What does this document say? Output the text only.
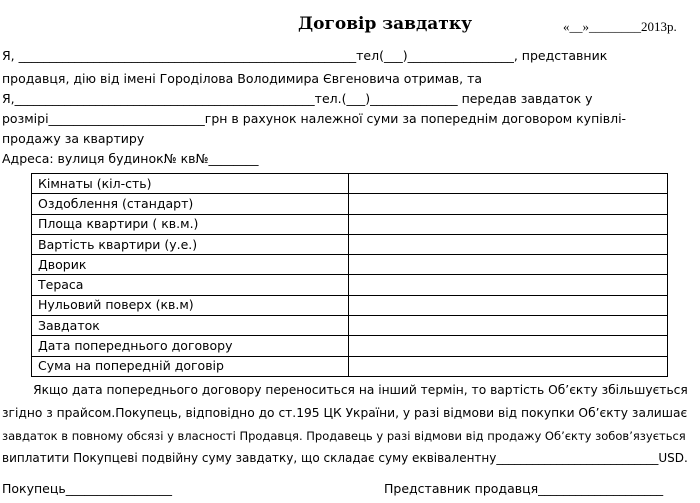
Договір завдатку	«__»________2013р.
Я, ______________________________________________________тел(___)_________________, представник
продавця, дію від імені Городілова Володимира Євгеновича отримав, та
Я,________________________________________________тел.(___)______________ передав завдаток у
розмірі_________________________грн в рахунок належної суми за попереднім договором купівлі-
продажу за квартиру
Адреса: вулиця будинок№ кв№________
Кімнаты (кіл-сть)	
Оздоблення (стандарт)	
Площа квартири ( кв.м.)	
Вартість квартири (у.е.)	
Дворик	
Тераса	
Нульовий поверх (кв.м)	
Завдаток	
Дата попереднього договору	
Сума на попередній договір	
Якщо дата попереднього договору переноситься на інший термін, то вартість Об’єкту збільшується
згідно з прайсом.Покупець, відповідно до ст.195 ЦК України, у разі відмови від покупки Об’єкту залишає
завдаток в повному обсязі у власності Продавця. Продавець у разі відмови від продажу Об’єкту зобов’язується
виплатити Покупцеві подвійну суму завдатку, що складає суму еквівалентну___________________________USD.
Покупець_________________	Представник продавця____________________
